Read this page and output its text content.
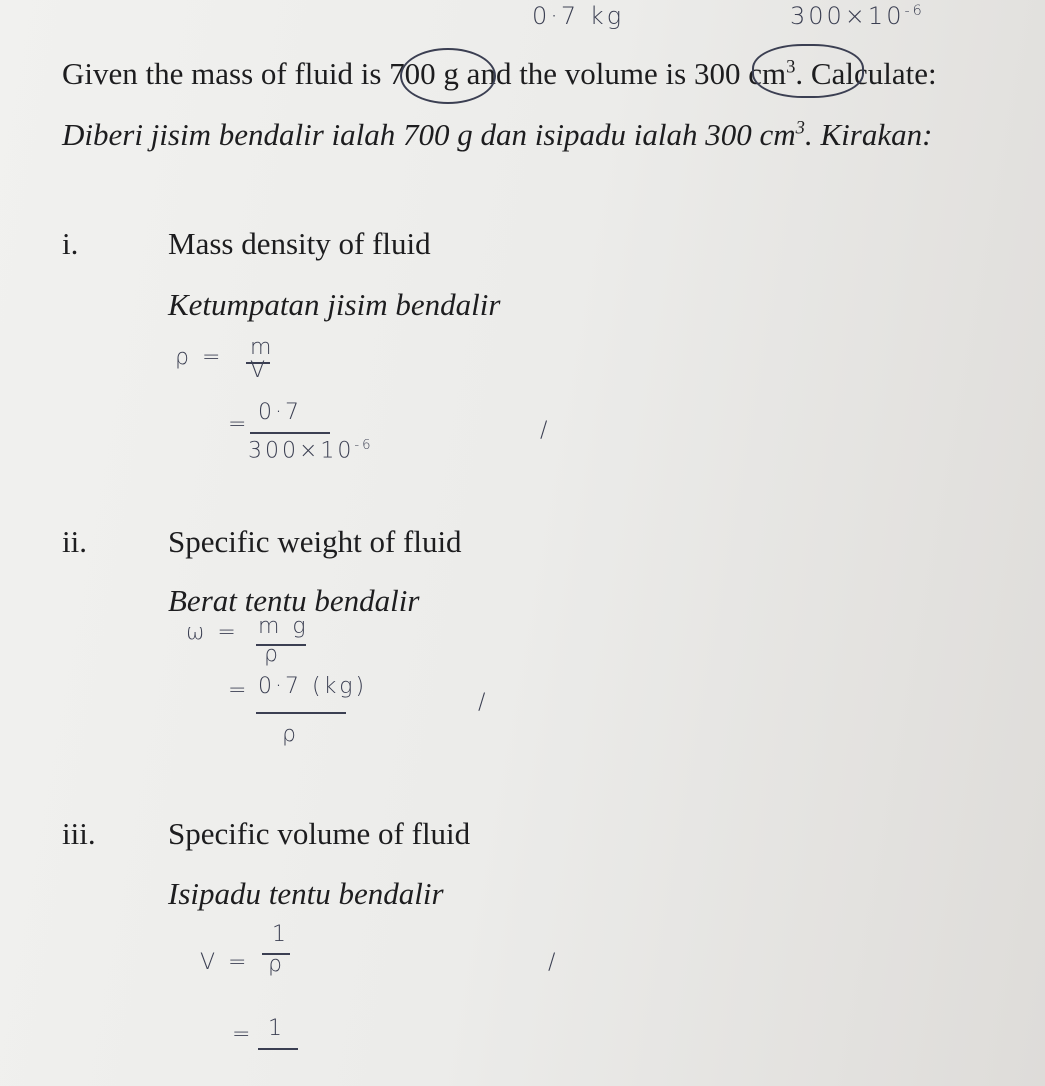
Given the mass of fluid is 700 g and the volume is 300 $cm^3$. Calculate:
Diberi jisim bendalir ialah 700 g dan isipadu ialah 300 $cm^3$. Kirakan:
0·7 kg	$300\times 10^{-6}$
i.	Mass density of fluid
Ketumpatan jisim bendalir
ρ = m
V
= 0·7
$300\times 10^{-6}$
/
ii.	Specific weight of fluid
Berat tentu bendalir
ω = m g
ρ
= 0·7 (kg)
ρ
/
iii. Specific volume of fluid
Isipadu tentu bendalir
V =
1
ρ
= 1
/
